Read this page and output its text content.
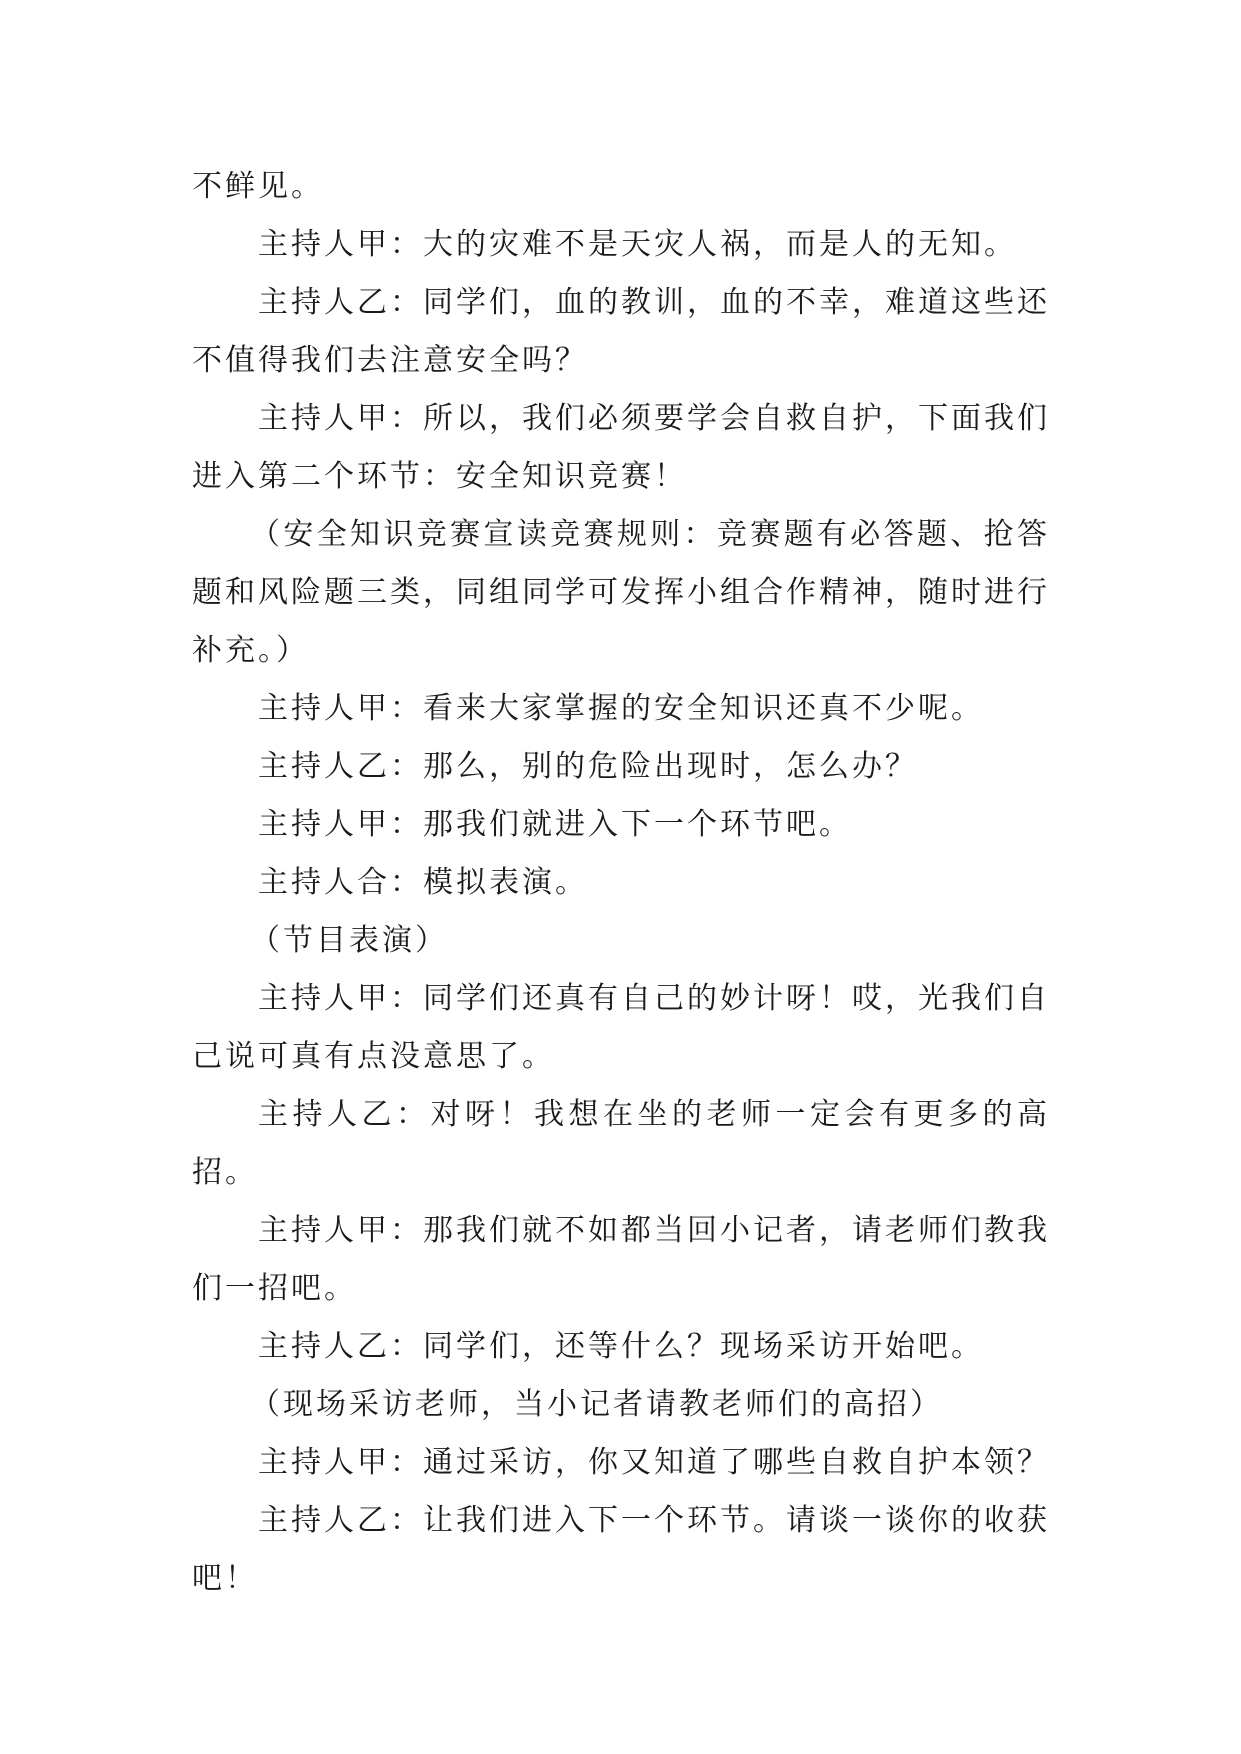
不鲜见。

主持人甲：大的灾难不是天灾人祸，而是人的无知。

主持人乙：同学们，血的教训，血的不幸，难道这些还不值得我们去注意安全吗？

主持人甲：所以，我们必须要学会自救自护，下面我们进入第二个环节：安全知识竞赛！

（安全知识竞赛宣读竞赛规则：竞赛题有必答题、抢答题和风险题三类，同组同学可发挥小组合作精神，随时进行补充。）

主持人甲：看来大家掌握的安全知识还真不少呢。

主持人乙：那么，别的危险出现时，怎么办？

主持人甲：那我们就进入下一个环节吧。

主持人合：模拟表演。

（节目表演）

主持人甲：同学们还真有自己的妙计呀！哎，光我们自己说可真有点没意思了。

主持人乙：对呀！我想在坐的老师一定会有更多的高招。

主持人甲：那我们就不如都当回小记者，请老师们教我们一招吧。

主持人乙：同学们，还等什么？现场采访开始吧。

（现场采访老师，当小记者请教老师们的高招）

主持人甲：通过采访，你又知道了哪些自救自护本领？

主持人乙：让我们进入下一个环节。请谈一谈你的收获吧！
